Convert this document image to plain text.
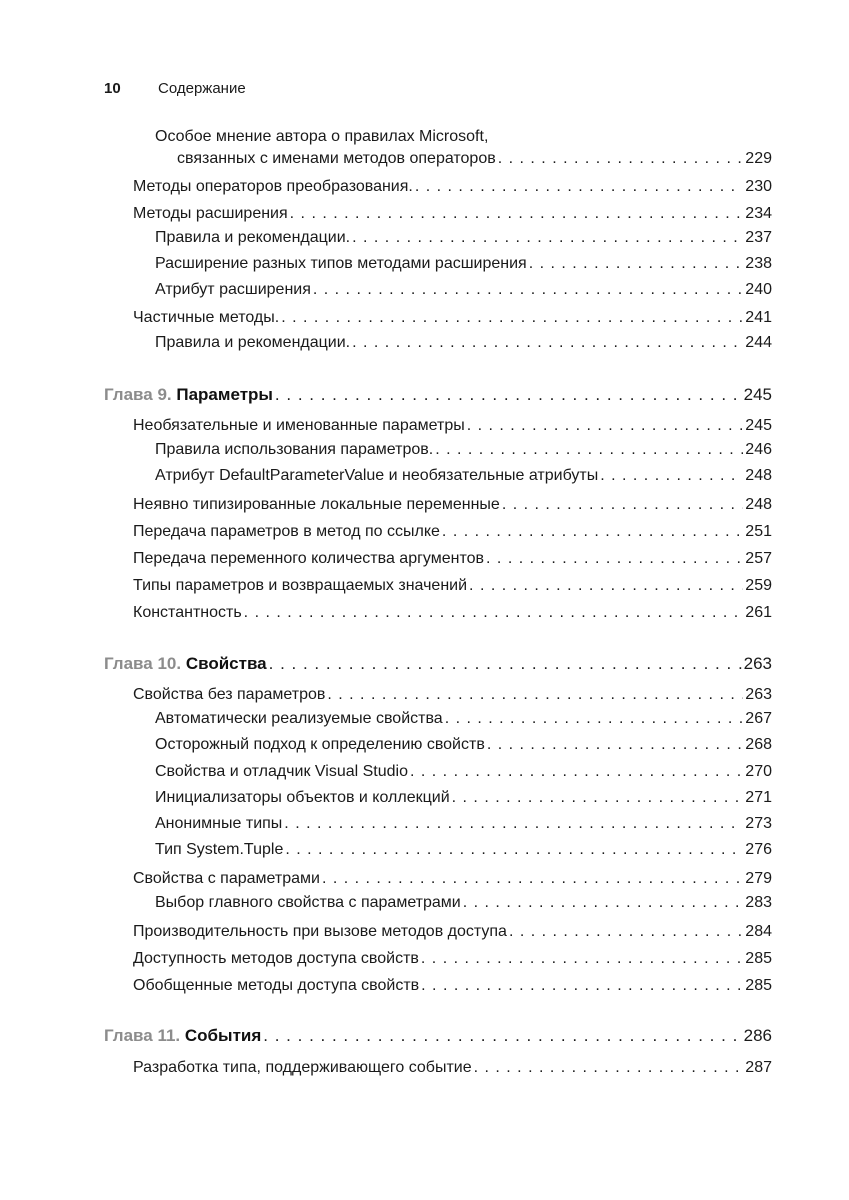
10 Содержание
Особое мнение автора о правилах Microsoft,
связанных с именами методов операторов . . .	229
Методы операторов преобразования. . . .	230
Методы расширения . . .	234
Правила и рекомендации. . . .	237
Расширение разных типов методами расширения . . .	238
Атрибут расширения . . .	240
Частичные методы. . . .	241
Правила и рекомендации. . . .	244
Глава 9. Параметры . . .	245
Необязательные и именованные параметры . . .	245
Правила использования параметров. . . .	246
Атрибут DefaultParameterValue и необязательные атрибуты . . .	248
Неявно типизированные локальные переменные . . .	248
Передача параметров в метод по ссылке . . .	251
Передача переменного количества аргументов . . .	257
Типы параметров и возвращаемых значений . . .	259
Константность . . .	261
Глава 10. Свойства . . .	263
Свойства без параметров . . .	263
Автоматически реализуемые свойства . . .	267
Осторожный подход к определению свойств . . .	268
Свойства и отладчик Visual Studio . . .	270
Инициализаторы объектов и коллекций . . .	271
Анонимные типы . . .	273
Тип System.Tuple . . .	276
Свойства с параметрами . . .	279
Выбор главного свойства с параметрами . . .	283
Производительность при вызове методов доступа . . .	284
Доступность методов доступа свойств . . .	285
Обобщенные методы доступа свойств . . .	285
Глава 11. События . . .	286
Разработка типа, поддерживающего событие . . .	287
